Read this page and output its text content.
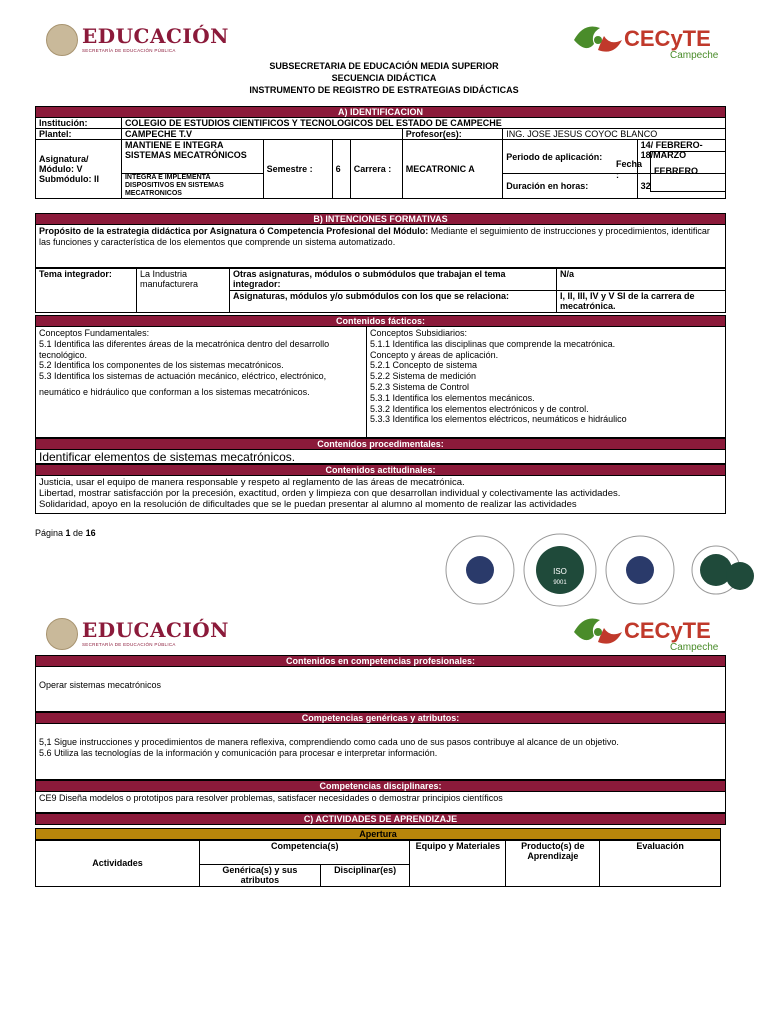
EDUCACIÓN
SECRETARÍA DE EDUCACIÓN PÚBLICA	CECyTE
Campeche
SUBSECRETARIA DE EDUCACIÓN MEDIA SUPERIOR
SECUENCIA DIDÁCTICA
INSTRUMENTO DE REGISTRO DE ESTRATEGIAS DIDÁCTICAS
A) IDENTIFICACION
Institución:	COLEGIO DE ESTUDIOS CIENTIFICOS Y TECNOLOGICOS DEL ESTADO DE CAMPECHE						
Plantel:	CAMPECHE T.V				Profesor(es):	ING. JOSE JESUS COYOC BLANCO	
Asignatura/ Módulo: V Submódulo: II	MANTIENE E INTEGRA SISTEMAS MECATRÓNICOS	Semestre :	6	Carrera :	MECATRONIC A	Periodo de aplicación:	14/ FEBRERO- 18/MARZO
	INTEGRA E IMPLEMENTA DISPOSITIVOS EN SISTEMAS MECATRONICOS					Duración en horas:	32
Fecha :	FEBRERO
B) INTENCIONES FORMATIVAS
Propósito de la estrategia didáctica por Asignatura ó Competencia Profesional del Módulo: Mediante el seguimiento de instrucciones y procedimientos, identificar las funciones y característica de los elementos que comprende un sistema automatizado.
Tema integrador:	La Industria manufacturera	Otras asignaturas, módulos o submódulos que trabajan el tema integrador:	N/a
		Asignaturas, módulos y/o submódulos con los que se relaciona:	I, II, III, IV y V SI de la carrera de mecatrónica.
Contenidos fácticos:
Conceptos Fundamentales:
5.1 Identifica las diferentes áreas de la mecatrónica dentro del desarrollo tecnológico.
5.2 Identifica los componentes de los sistemas mecatrónicos.
5.3 Identifica los sistemas de actuación mecánico, eléctrico, electrónico,
neumático e hidráulico que conforman a los sistemas mecatrónicos.
Conceptos Subsidiarios:
5.1.1 Identifica las disciplinas que comprende la mecatrónica.
Concepto y áreas de aplicación.
5.2.1 Concepto de sistema
5.2.2 Sistema de medición
5.2.3 Sistema de Control
5.3.1 Identifica los elementos mecánicos.
5.3.2 Identifica los elementos electrónicos y de control.
5.3.3 Identifica los elementos eléctricos, neumáticos e hidráulico
Contenidos procedimentales:
Identificar elementos de sistemas mecatrónicos.
Contenidos actitudinales:
Justicia, usar el equipo de manera responsable y respeto al reglamento de las áreas de mecatrónica.
Libertad, mostrar satisfacción por la precesión, exactitud, orden y limpieza con que desarrollan individual y colectivamente las actividades.
Solidaridad, apoyo en la resolución de dificultades que se le puedan presentar al alumno al momento de realizar las actividades
Página 1 de 16
ISO
9001
EDUCACIÓN
SECRETARÍA DE EDUCACIÓN PÚBLICA
CECyTE
Campeche
Contenidos en competencias profesionales:
Operar sistemas mecatrónicos
Competencias genéricas y atributos:
5,1 Sigue instrucciones y procedimientos de manera reflexiva, comprendiendo como cada uno de sus pasos contribuye al alcance de un objetivo.
5.6 Utiliza las tecnologías de la información y comunicación para procesar e interpretar información.
Competencias disciplinares:
CE9 Diseña modelos o prototipos para resolver problemas, satisfacer necesidades o demostrar principios científicos
C) ACTIVIDADES DE APRENDIZAJE
Apertura
Actividades	Competencia(s)		Equipo y Materiales	Producto(s) de Aprendizaje	Evaluación
	Genérica(s) y sus atributos	Disciplinar(es)			
